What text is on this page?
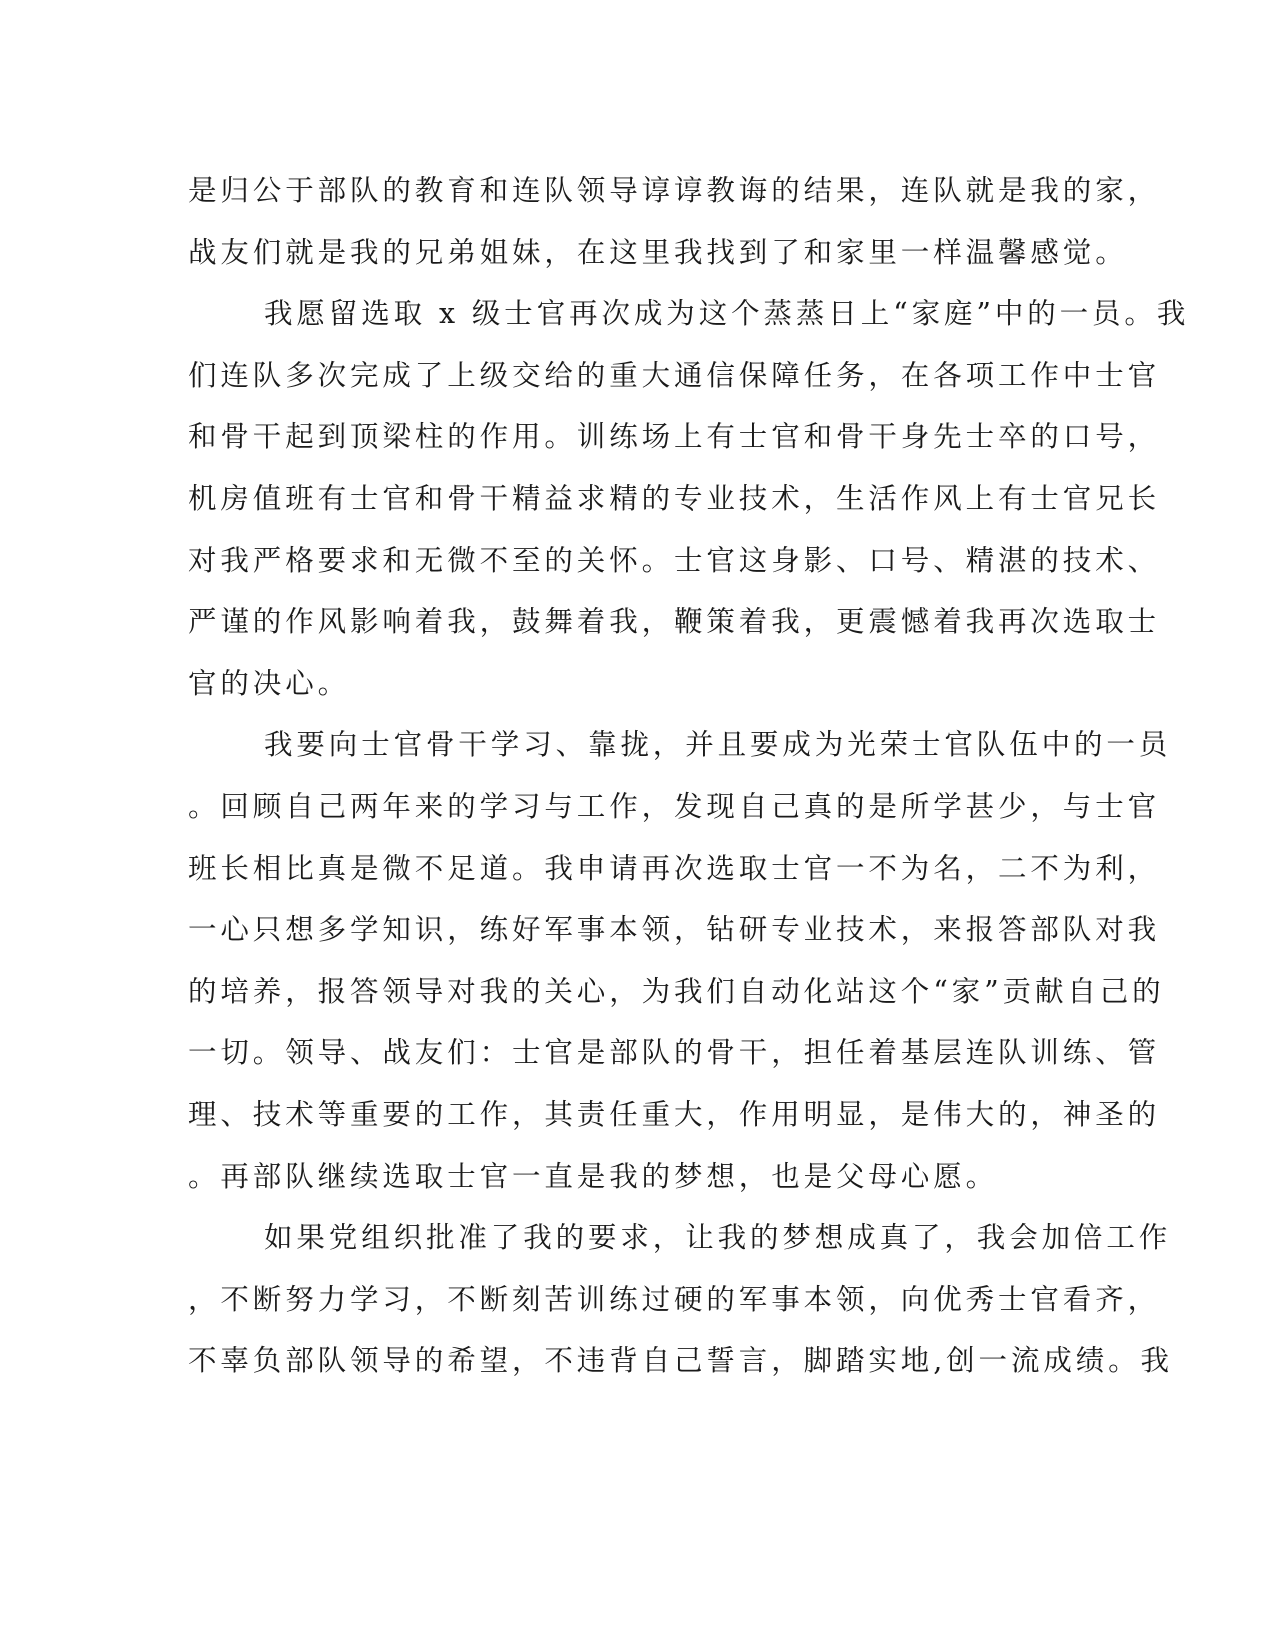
是归公于部队的教育和连队领导谆谆教诲的结果，连队就是我的家，
战友们就是我的兄弟姐妹，在这里我找到了和家里一样温馨感觉。
我愿留选取 x 级士官再次成为这个蒸蒸日上“家庭”中的一员。我
们连队多次完成了上级交给的重大通信保障任务，在各项工作中士官
和骨干起到顶梁柱的作用。训练场上有士官和骨干身先士卒的口号，
机房值班有士官和骨干精益求精的专业技术，生活作风上有士官兄长
对我严格要求和无微不至的关怀。士官这身影、口号、精湛的技术、
严谨的作风影响着我，鼓舞着我，鞭策着我，更震憾着我再次选取士
官的决心。
我要向士官骨干学习、靠拢，并且要成为光荣士官队伍中的一员
。回顾自己两年来的学习与工作，发现自己真的是所学甚少，与士官
班长相比真是微不足道。我申请再次选取士官一不为名，二不为利，
一心只想多学知识，练好军事本领，钻研专业技术，来报答部队对我
的培养，报答领导对我的关心，为我们自动化站这个“家”贡献自己的
一切。领导、战友们：士官是部队的骨干，担任着基层连队训练、管
理、技术等重要的工作，其责任重大，作用明显，是伟大的，神圣的
。再部队继续选取士官一直是我的梦想，也是父母心愿。
如果党组织批准了我的要求，让我的梦想成真了，我会加倍工作
，不断努力学习，不断刻苦训练过硬的军事本领，向优秀士官看齐，
不辜负部队领导的希望，不违背自己誓言，脚踏实地,创一流成绩。我
